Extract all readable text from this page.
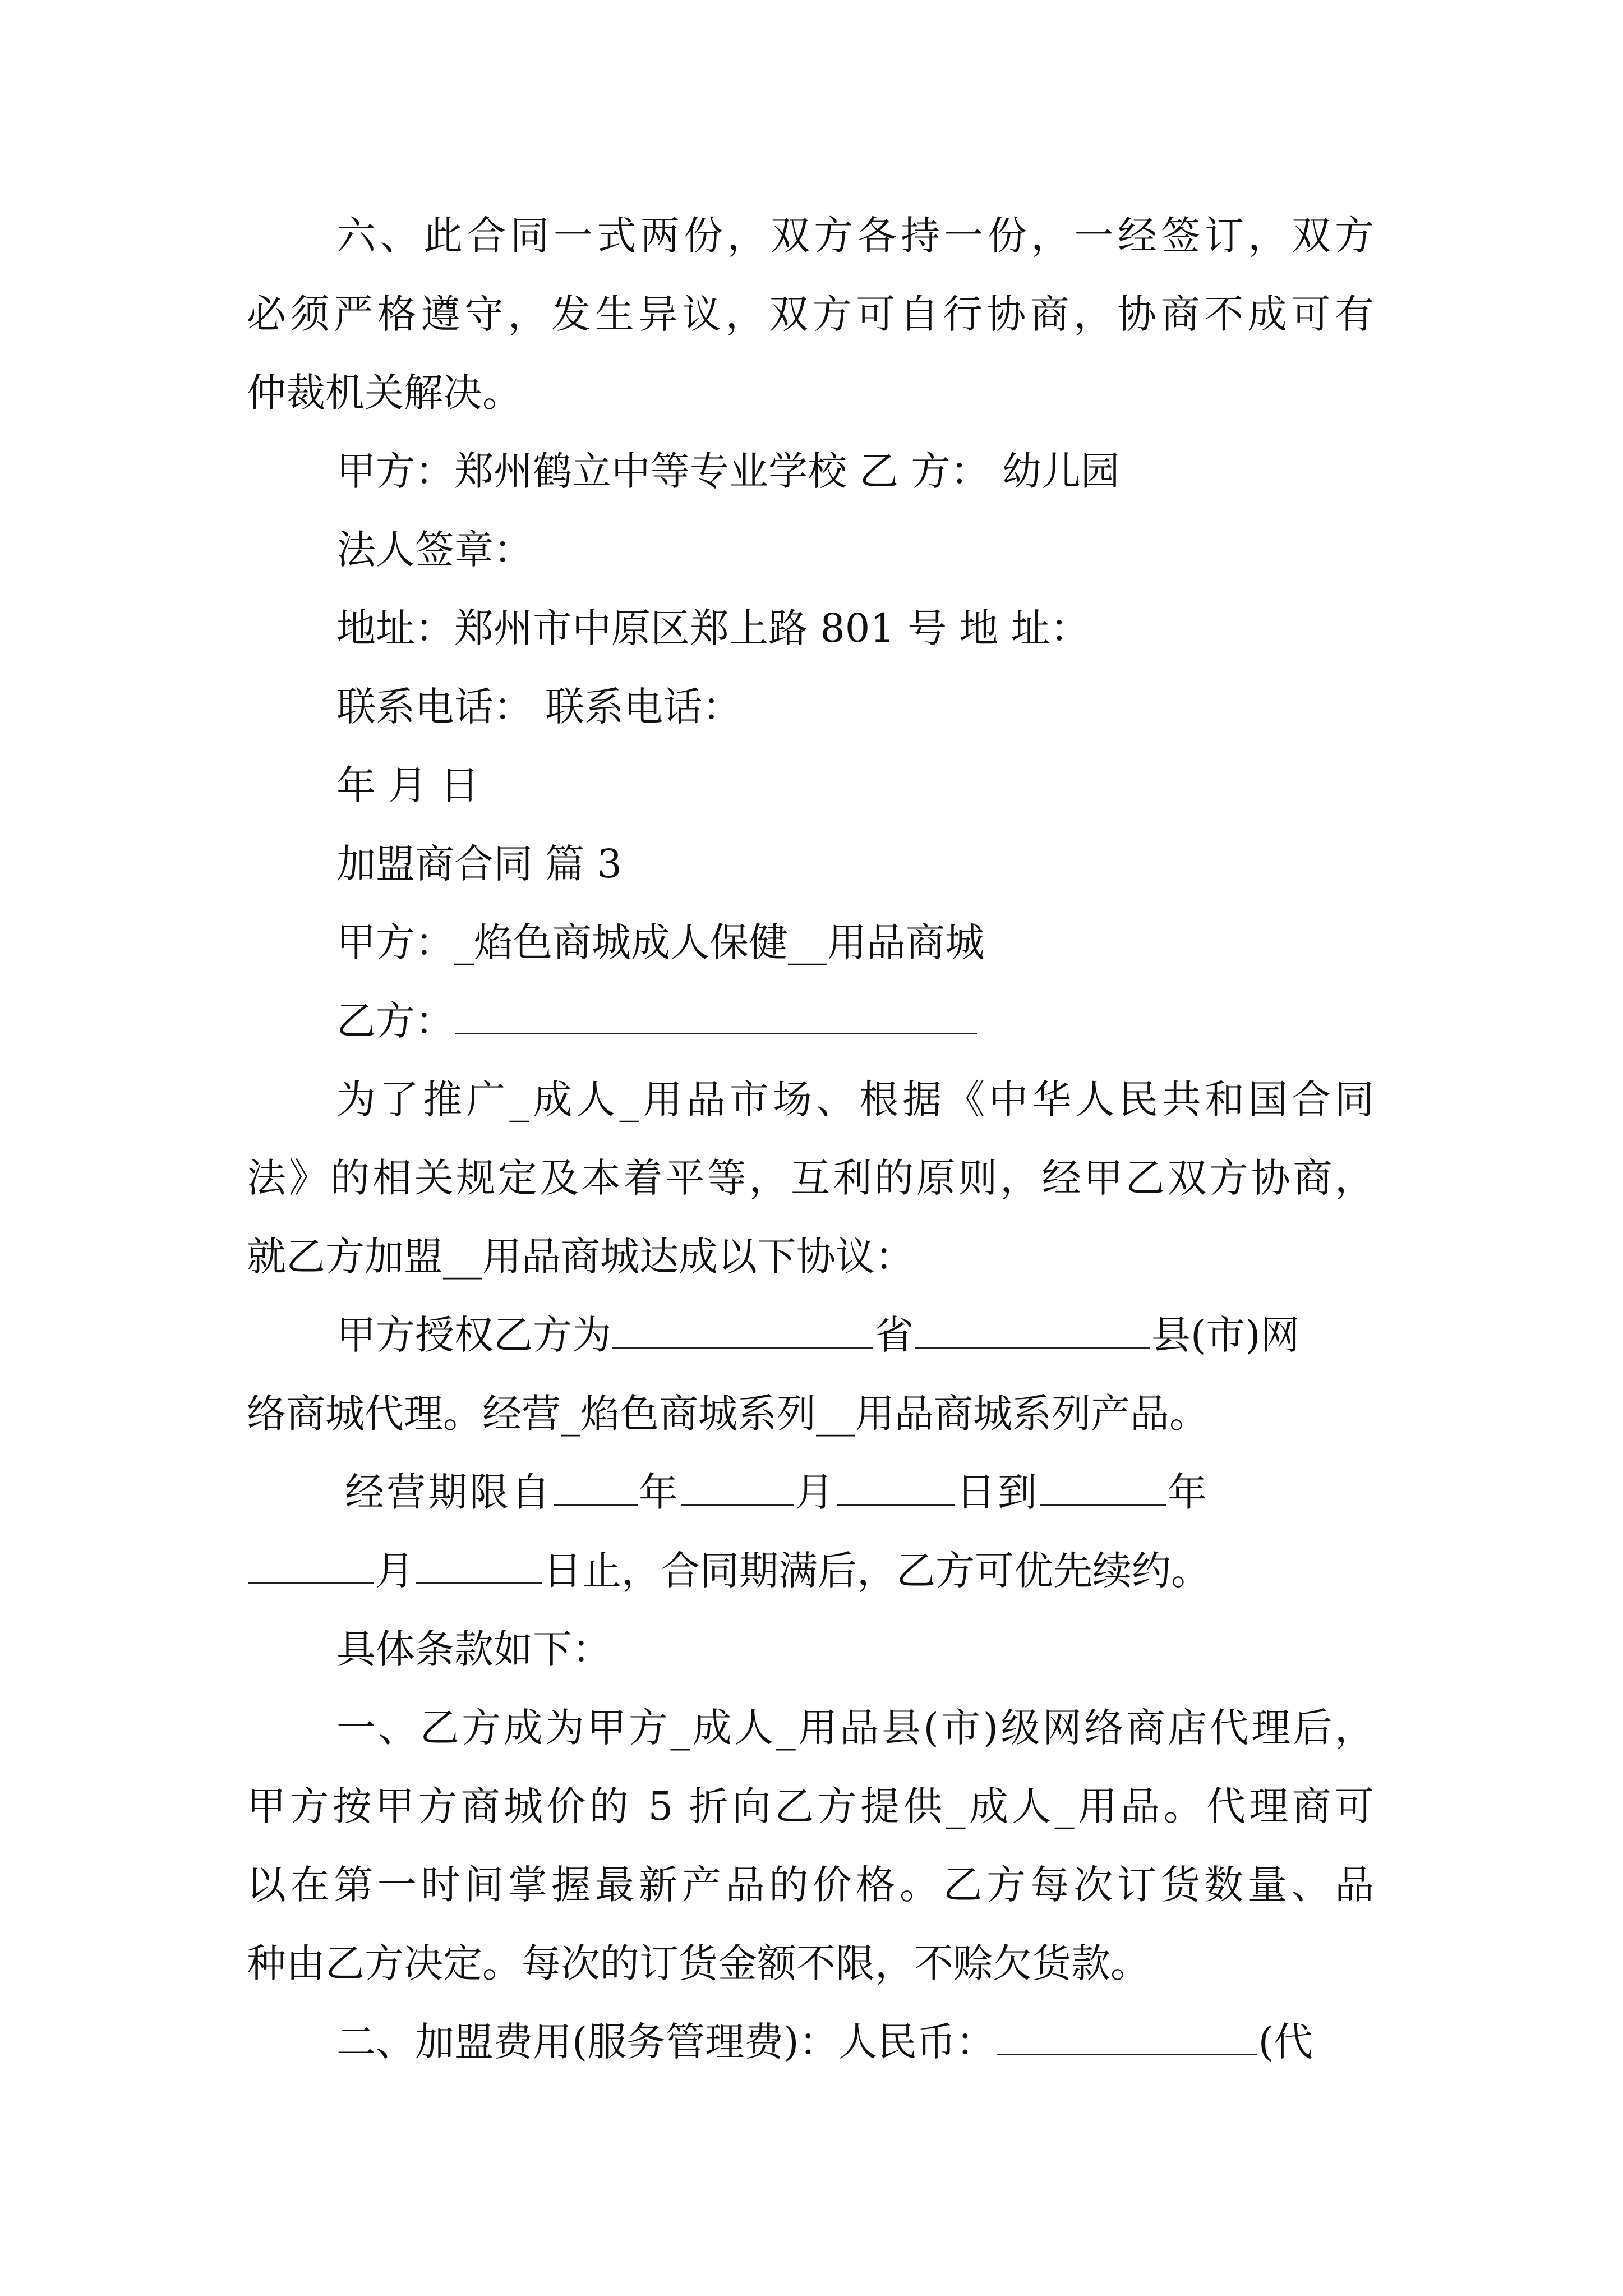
六、此合同一式两份，双方各持一份，一经签订，双方
必须严格遵守，发生异议，双方可自行协商，协商不成可有
仲裁机关解决。
甲方：郑州鹤立中等专业学校 乙 方： 幼儿园
法人签章：
地址：郑州市中原区郑上路 801 号 地 址：
联系电话： 联系电话：
年 月 日
加盟商合同 篇 3
甲方：_焰色商城成人保健__用品商城
乙方：
为了推广_成人_用品市场、根据《中华人民共和国合同
法》的相关规定及本着平等，互利的原则，经甲乙双方协商，
就乙方加盟__用品商城达成以下协议：
甲方授权乙方为	省	县(市)网
络商城代理。经营_焰色商城系列__用品商城系列产品。
经营期限自 年	月	日到	年
月	日止，合同期满后，乙方可优先续约。
具体条款如下：
一、乙方成为甲方_成人_用品县(市)级网络商店代理后，
甲方按甲方商城价的 5 折向乙方提供_成人_用品。代理商可
以在第一时间掌握最新产品的价格。乙方每次订货数量、品
种由乙方决定。每次的订货金额不限，不赊欠货款。
二、加盟费用(服务管理费)：人民币：	(代
